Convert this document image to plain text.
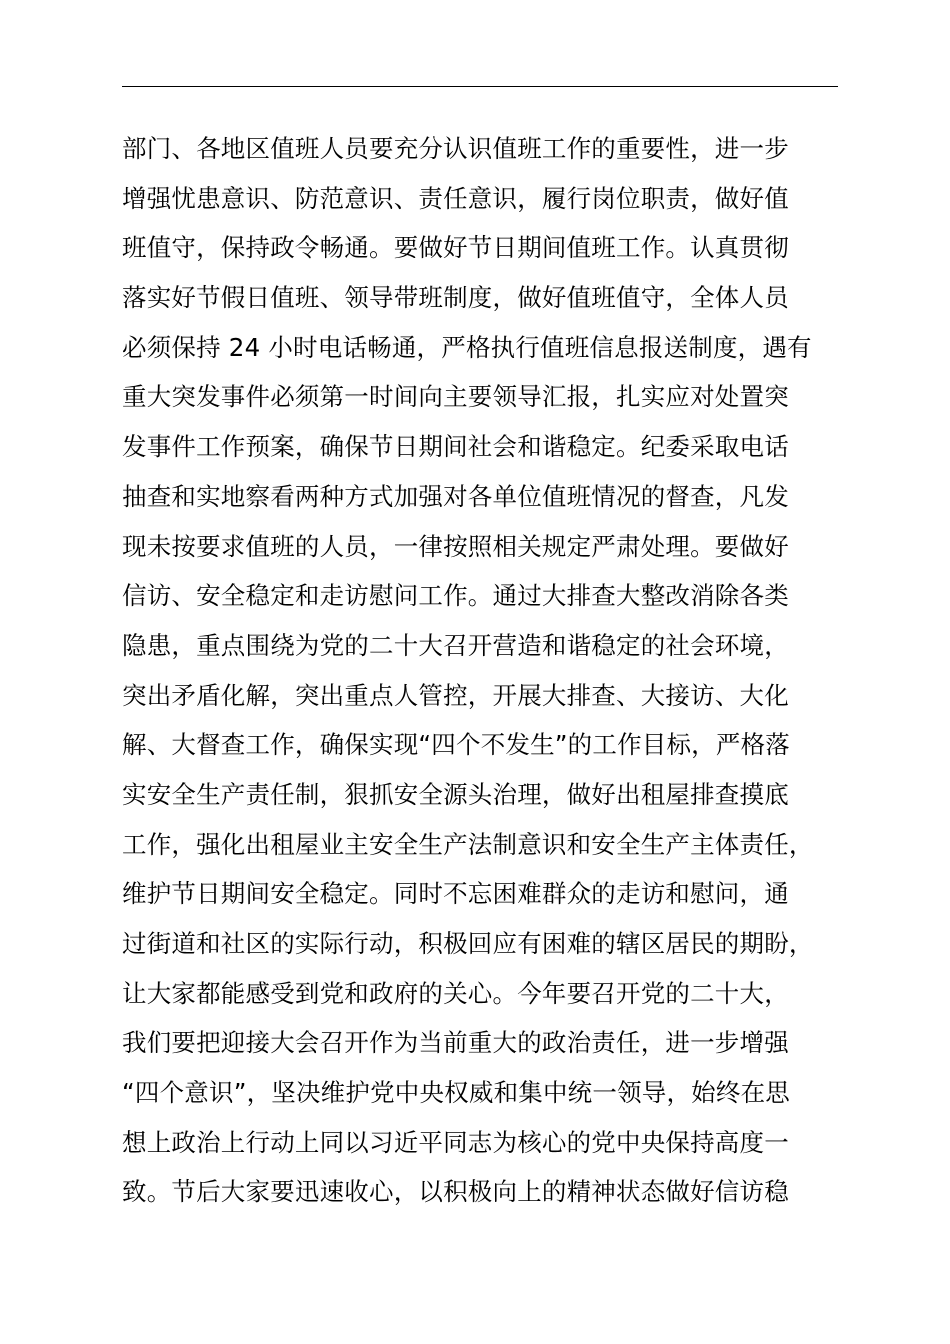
部门、各地区值班人员要充分认识值班工作的重要性，进一步
增强忧患意识、防范意识、责任意识，履行岗位职责，做好值
班值守，保持政令畅通。要做好节日期间值班工作。认真贯彻
落实好节假日值班、领导带班制度，做好值班值守，全体人员
必须保持 24 小时电话畅通，严格执行值班信息报送制度，遇有
重大突发事件必须第一时间向主要领导汇报，扎实应对处置突
发事件工作预案，确保节日期间社会和谐稳定。纪委采取电话
抽查和实地察看两种方式加强对各单位值班情况的督查，凡发
现未按要求值班的人员，一律按照相关规定严肃处理。要做好
信访、安全稳定和走访慰问工作。通过大排查大整改消除各类
隐患，重点围绕为党的二十大召开营造和谐稳定的社会环境，
突出矛盾化解，突出重点人管控，开展大排查、大接访、大化
解、大督查工作，确保实现“四个不发生”的工作目标，严格落
实安全生产责任制，狠抓安全源头治理，做好出租屋排查摸底
工作，强化出租屋业主安全生产法制意识和安全生产主体责任，
维护节日期间安全稳定。同时不忘困难群众的走访和慰问，通
过街道和社区的实际行动，积极回应有困难的辖区居民的期盼，
让大家都能感受到党和政府的关心。今年要召开党的二十大，
我们要把迎接大会召开作为当前重大的政治责任，进一步增强
“四个意识”，坚决维护党中央权威和集中统一领导，始终在思
想上政治上行动上同以习近平同志为核心的党中央保持高度一
致。节后大家要迅速收心，以积极向上的精神状态做好信访稳
